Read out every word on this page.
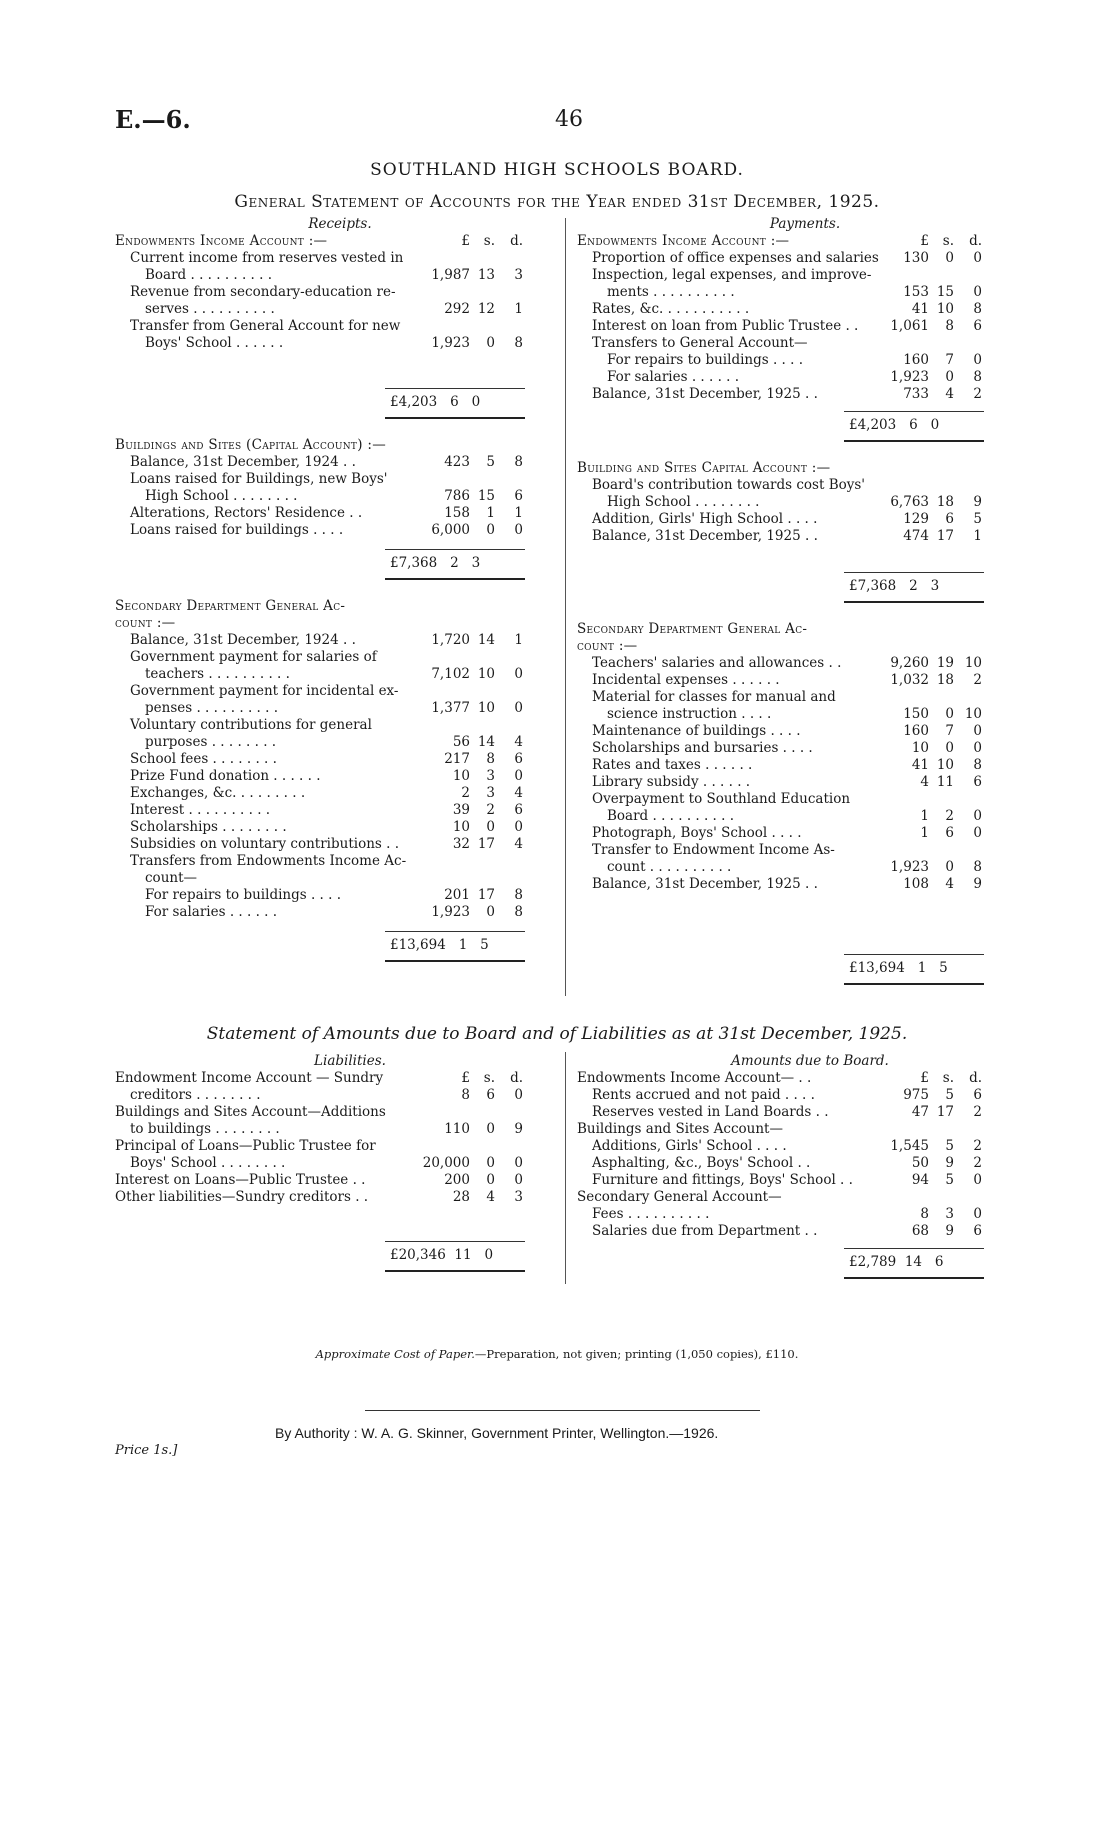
E.—6.	46
SOUTHLAND HIGH SCHOOLS BOARD.
General Statement of Accounts for the Year ended 31st December, 1925.
Receipts.	Payments.
Endowments Income Account :—	£	s.	d.
Current income from reserves vested in
Board . . . . . . . . . .	1,987 13	3
Revenue from secondary-education re-
serves . . . . . . . . . .	292 12	1
Transfer from General Account for new
Boys' School . . . . . .	1,923	0	8
£4,203   6   0
Buildings and Sites (Capital Account) :—
Balance, 31st December, 1924 . .	423	5	8
Loans raised for Buildings, new Boys'
High School . . . . . . . .	786 15	6
Alterations, Rectors' Residence . .	158	1	1
Loans raised for buildings . . . .	6,000	0	0
£7,368   2   3
Secondary Department General Ac-
count :—
Balance, 31st December, 1924 . .	1,720 14	1
Government payment for salaries of
teachers . . . . . . . . . .	7,102 10	0
Government payment for incidental ex-
penses . . . . . . . . . .	1,377 10	0
Voluntary contributions for general
purposes . . . . . . . .	56 14	4
School fees . . . . . . . .	217	8	6
Prize Fund donation . . . . . .	10	3	0
Exchanges, &c. . . . . . . . .	2	3	4
Interest . . . . . . . . . .	39	2	6
Scholarships . . . . . . . .	10	0	0
Subsidies on voluntary contributions . .	32 17	4
Transfers from Endowments Income Ac-
count—
For repairs to buildings . . . .	201 17	8
For salaries . . . . . .	1,923	0	8
£13,694   1   5
Endowments Income Account :—	£	s.	d.
Proportion of office expenses and salaries	130	0	0
Inspection, legal expenses, and improve-
ments . . . . . . . . . .	153 15	0
Rates, &c. . . . . . . . . . .	41 10	8
Interest on loan from Public Trustee . .	1,061	8	6
Transfers to General Account—
For repairs to buildings . . . .	160	7	0
For salaries . . . . . .	1,923	0	8
Balance, 31st December, 1925 . .	733	4	2
£4,203   6   0
Building and Sites Capital Account :—
Board's contribution towards cost Boys'
High School . . . . . . . .	6,763 18	9
Addition, Girls' High School . . . .	129	6	5
Balance, 31st December, 1925 . .	474 17	1
£7,368   2   3
Secondary Department General Ac-
count :—
Teachers' salaries and allowances . .	9,260 19 10
Incidental expenses . . . . . .	1,032 18	2
Material for classes for manual and
science instruction . . . .	150	0 10
Maintenance of buildings . . . .	160	7	0
Scholarships and bursaries . . . .	10	0	0
Rates and taxes . . . . . .	41 10	8
Library subsidy . . . . . .	4 11	6
Overpayment to Southland Education
Board . . . . . . . . . .	1	2	0
Photograph, Boys' School . . . .	1	6	0
Transfer to Endowment Income As-
count . . . . . . . . . .	1,923	0	8
Balance, 31st December, 1925 . .	108	4	9
£13,694   1   5
Statement of Amounts due to Board and of Liabilities as at 31st December, 1925.
Liabilities.	Amounts due to Board.
Endowment Income Account — Sundry	£	s.	d.
creditors . . . . . . . .	8	6	0
Buildings and Sites Account—Additions
to buildings . . . . . . . .	110	0	9
Principal of Loans—Public Trustee for
Boys' School . . . . . . . .	20,000	0	0
Interest on Loans—Public Trustee . .	200	0	0
Other liabilities—Sundry creditors . .	28	4	3
£20,346  11   0
Endowments Income Account— . .	£	s.	d.
Rents accrued and not paid . . . .	975	5	6
Reserves vested in Land Boards . .	47 17	2
Buildings and Sites Account—
Additions, Girls' School . . . .	1,545	5	2
Asphalting, &c., Boys' School . .	50	9	2
Furniture and fittings, Boys' School . .	94	5	0
Secondary General Account—
Fees . . . . . . . . . .	8	3	0
Salaries due from Department . .	68	9	6
£2,789  14   6
Approximate Cost of Paper.—Preparation, not given; printing (1,050 copies), £110.
By Authority : W. A. G. Skinner, Government Printer, Wellington.—1926.
Price 1s.]
